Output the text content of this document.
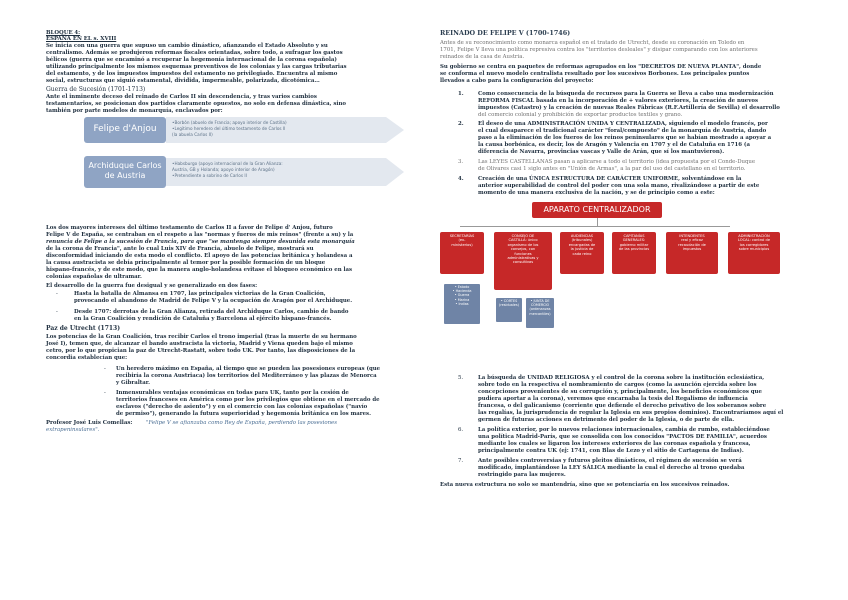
BLOQUE 4:
ESPAÑA EN EL s. XVIII
Se inicia con una guerra que supuso un cambio dinástico, afianzando el Estado Absoluto y su
centralismo. Además se produjeron reformas fiscales orientadas, sobre todo, a sufragar los gastos
bélicos (guerra que se encaminó a recuperar la hegemonía internacional de la corona española)
utilizando principalmente los mismos esquemas preventivos de los colonias y las cargas tributarias
del estamento, y de los impuestos impuestos del estamento no privilegiado. Encuentra al mismo
social, estructuras que siguió estamental, dividida, impermeable, polarizada, dicotómica…
Guerra de Sucesión (1701-1713)
Ante el inminente deceso del reinado de Carlos II sin descendencia, y tras varios cambios
testamentarios, se posicionan dos partidos claramente opuestos, no solo en defensa dinástica, sino
también por parte modelos de monarquía, enclavados por:
Felipe d'Anjou
•Borbón (abuelo de Francia; apoyo interior de Castilla)
•Legitimo heredero del último testamento de Carlos II
(la abuela Carlos II)
Archiduque Carlos de Austria
•Habsburgo (apoyo internacional de la Gran Alianza:
Austria, GB y Holanda; apoyo interior de Aragón)
•Pretendiente a sobrino de Carlos II
Los dos mayores intereses del último testamento de Carlos II a favor de Felipe d' Anjou, futuro
Felipe V de España, se centraban en el respeto a las "normas y fueros de mis reinos" (frente a su) y la
renuncia de Felipe a la sucesión de Francia, para que "se mantenga siempre desunida esta monarquía
de la corona de Francia", ante lo cual Luis XIV de Francia, abuelo de Felipe, mostrará su
disconformidad iniciando de esta modo el conflicto. El apoyo de las potencias británica y holandesa a
la causa austracista se debía principalmente al temor por la posible formación de un bloque
hispano-francés, y de este modo, que la manera anglo-holandesa evitase el bloqueo económico en las
colonias españolas de ultramar.
El desarrollo de la guerra fue desigual y se generalizado en dos fases:
-	Hasta la batalla de Almansa en 1707, las principales victorias de la Gran Coalición,
provocando el abandono de Madrid de Felipe V y la ocupación de Aragón por el Archiduque.
-	Desde 1707: derrotas de la Gran Alianza, retirada del Archiduque Carlos, cambio de bando
en la Gran Coalición y rendición de Cataluña y Barcelona al ejército hispano-francés.
Paz de Utrecht (1713)
Los potencias de la Gran Coalición, tras recibir Carlos el trono imperial (tras la muerte de su hermano
José I), temen que, de alcanzar el bando austracista la victoria, Madrid y Viena queden bajo el mismo
cetro, por lo que propician la paz de Utrecht-Rastatt, sobre todo UK. Por tanto, las disposiciones de la
concordia establecían que:
- Un heredero máximo en España, al tiempo que se pueden las posesiones europeas (que
recibiría la corona Austriaca) los territorios del Mediterráneo y las plazas de Menorca
y Gibraltar.
- Inmensurables ventajas económicas en todas para UK, tanto por la cesión de
territorios franceses en América como por los privilegios que obtiene en el mercado de
esclavos ("derecho de asiento") y en el comercio con las colonias españolas ("navío
de permiso"), generando la futura superioridad y hegemonía británica en los mares.
Profesor José Luis Comellas:	"Felipe V se afianzaba como Rey de España, perdiendo las posesiones
extrapeninsulares".
REINADO DE FELIPE V (1700-1746)
Antes de su reconocimiento como monarca español en el tratado de Utrecht, desde su coronación en Toledo en
1701, Felipe V lleva una política represiva contra los "territorios desleales" y disipar comparando con los anteriores
reinados de la casa de Austria.
Su gobierno se centra en paquetes de reformas agrupados en los "DECRETOS DE NUEVA PLANTA", donde
se conforma el nuevo modelo centralista resultado por los sucesivos Borbones. Los principales puntos
llevados a cabo para la configuración del proyecto:
1.	Como consecuencia de la búsqueda de recursos para la Guerra se lleva a cabo una modernización
REFORMA FISCAL basada en la incorporación de + valores exteriores, la creación de nuevos
impuestos (Catastro) y la creación de nuevas Reales Fábricas (R.F.Artillería de Sevilla) el desarrollo
del comercio colonial y prohibición de exportar productos textiles y grano.
2.	El deseo de una ADMINISTRACIÓN UNIDA Y CENTRALIZADA, siguiendo el modelo francés, por
el cual desaparece el tradicional carácter "foral/compuesto" de la monarquía de Austria, dando
paso a la eliminación de los fueros de los reinos peninsulares que se habían mostrado a apoyar a
la causa borbónica, es decir, los de Aragón y Valencia en 1707 y el de Cataluña en 1716 (a
diferencia de Navarra, provincias vascas y Valle de Arán, que sí los mantuvieron).
3.	Las LEYES CASTELLANAS pasan a aplicarse a todo el territorio (idea propuesta por el Conde-Duque
de Olivares casi 1 siglo antes en "Unión de Armas", a la par del uso del castellano en el territorio.
4.	Creación de una ÚNICA ESTRUCTURA DE CARÁCTER UNIFORME, solventándose en la
anterior superabilidad de control del poder con una sola mano, rivalizándose a partir de este
momento de una manera exclusiva de la nación, y se de principio como a este:
APARATO CENTRALIZADOR
SECRETARÍAS
(ex-
ministerios)
CONSEJO DE
CASTILLA: único
organismo de los
consejos, con
funciones
administrativas y
consultivas
AUDIENCIAS
(tribunales)
encargadas de
la justicia de
cada reino
CAPITANÍAS
GENERALES:
gobierno militar
de las provincias
INTENDENTES
real y eficaz
recaudación de
impuestos
ADMINISTRACIÓN
LOCAL: control de
los corregidores
sobre municipios
• Estado
• Hacienda
• Guerra
• Marina
• Indias
• CORTES
(residuales)
• JUNTA DE
COMERCIO
(ordenanzas
mercantiles)
5.	La búsqueda de UNIDAD RELIGIOSA y el control de la corona sobre la institución eclesiástica,
sobre todo en la respectiva el nombramiento de cargos (como la asunción ejercida sobre los
concepciones provenientes de su corrupción y, principalmente, los beneficios económicos que
pudiera aportar a la corona), veremos que encarnaba la tesis del Regalismo de influencia
francesa, o del galicanismo (corriente que defiende el derecho privativo de los soberanos sobre
las regalías, la jurisprudencia de regular la Iglesia en sus propios dominios). Encontraríamos aquí el
germen de futuras acciones en detrimento del poder de la Iglesia, o de parte de ella.
6.	La política exterior, por lo nuevos relaciones internacionales, cambia de rumbo, estableciéndose
una política Madrid-París, que se consolida con los conocidos "PACTOS DE FAMILIA", acuerdos
mediante los cuales se ligaron los intereses exteriores de las coronas española y francesa,
principalmente contra UK (ej: 1741, con Blas de Lezo y el sitio de Cartagena de Indias).
7.	Ante posibles controversias y futuros pleitos dinásticos, el régimen de sucesión se verá
modificado, implantándose la LEY SÁLICA mediante la cual el derecho al trono quedaba
restringido para las mujeres.
Esta nueva estructura no solo se mantendría, sino que se potenciaría en los sucesivos reinados.
